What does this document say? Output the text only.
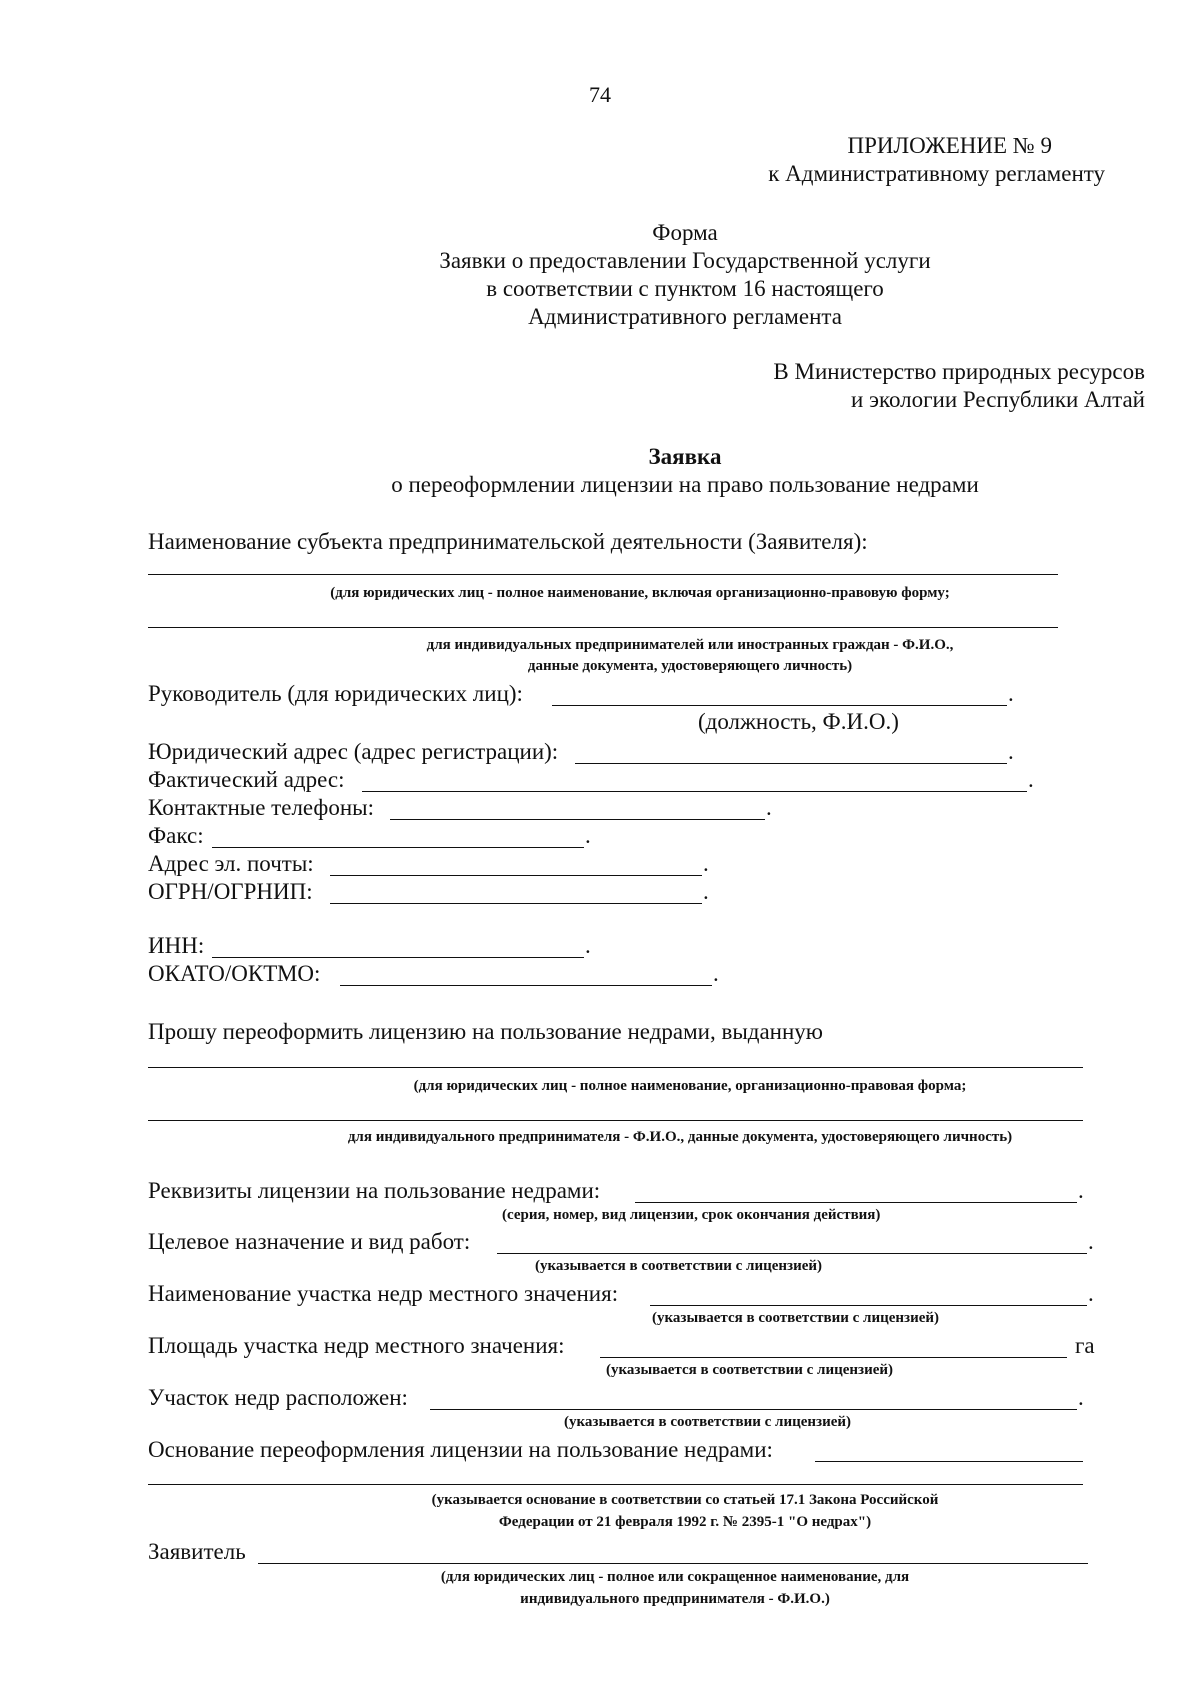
74
ПРИЛОЖЕНИЕ № 9
к Административному регламенту
Форма
Заявки о предоставлении Государственной услуги
в соответствии с пунктом 16 настоящего
Административного регламента
В Министерство природных ресурсов
и экологии Республики Алтай
Заявка
о переоформлении лицензии на право пользование недрами
Наименование субъекта предпринимательской деятельности (Заявителя):
(для юридических лиц - полное наименование, включая организационно-правовую форму;
для индивидуальных предпринимателей или иностранных граждан - Ф.И.О.,
данные документа, удостоверяющего личность)
Руководитель (для юридических лиц):	.
(должность, Ф.И.О.)
Юридический адрес (адрес регистрации):	.
Фактический адрес:	.
Контактные телефоны:	.
Факс:	.
Адрес эл. почты:	.
ОГРН/ОГРНИП:	.
ИНН:	.
ОКАТО/ОКТМО:	.
Прошу переоформить лицензию на пользование недрами, выданную
(для юридических лиц - полное наименование, организационно-правовая форма;
для индивидуального предпринимателя - Ф.И.О., данные документа, удостоверяющего личность)
Реквизиты лицензии на пользование недрами:	.
(серия, номер, вид лицензии, срок окончания действия)
Целевое назначение и вид работ:	.
(указывается в соответствии с лицензией)
Наименование участка недр местного значения:	.
(указывается в соответствии с лицензией)
Площадь участка недр местного значения:	га
(указывается в соответствии с лицензией)
Участок недр расположен:	.
(указывается в соответствии с лицензией)
Основание переоформления лицензии на пользование недрами:
(указывается основание в соответствии со статьей 17.1 Закона Российской
Федерации от 21 февраля 1992 г. № 2395-1 "О недрах")
Заявитель
(для юридических лиц - полное или сокращенное наименование, для
индивидуального предпринимателя - Ф.И.О.)
